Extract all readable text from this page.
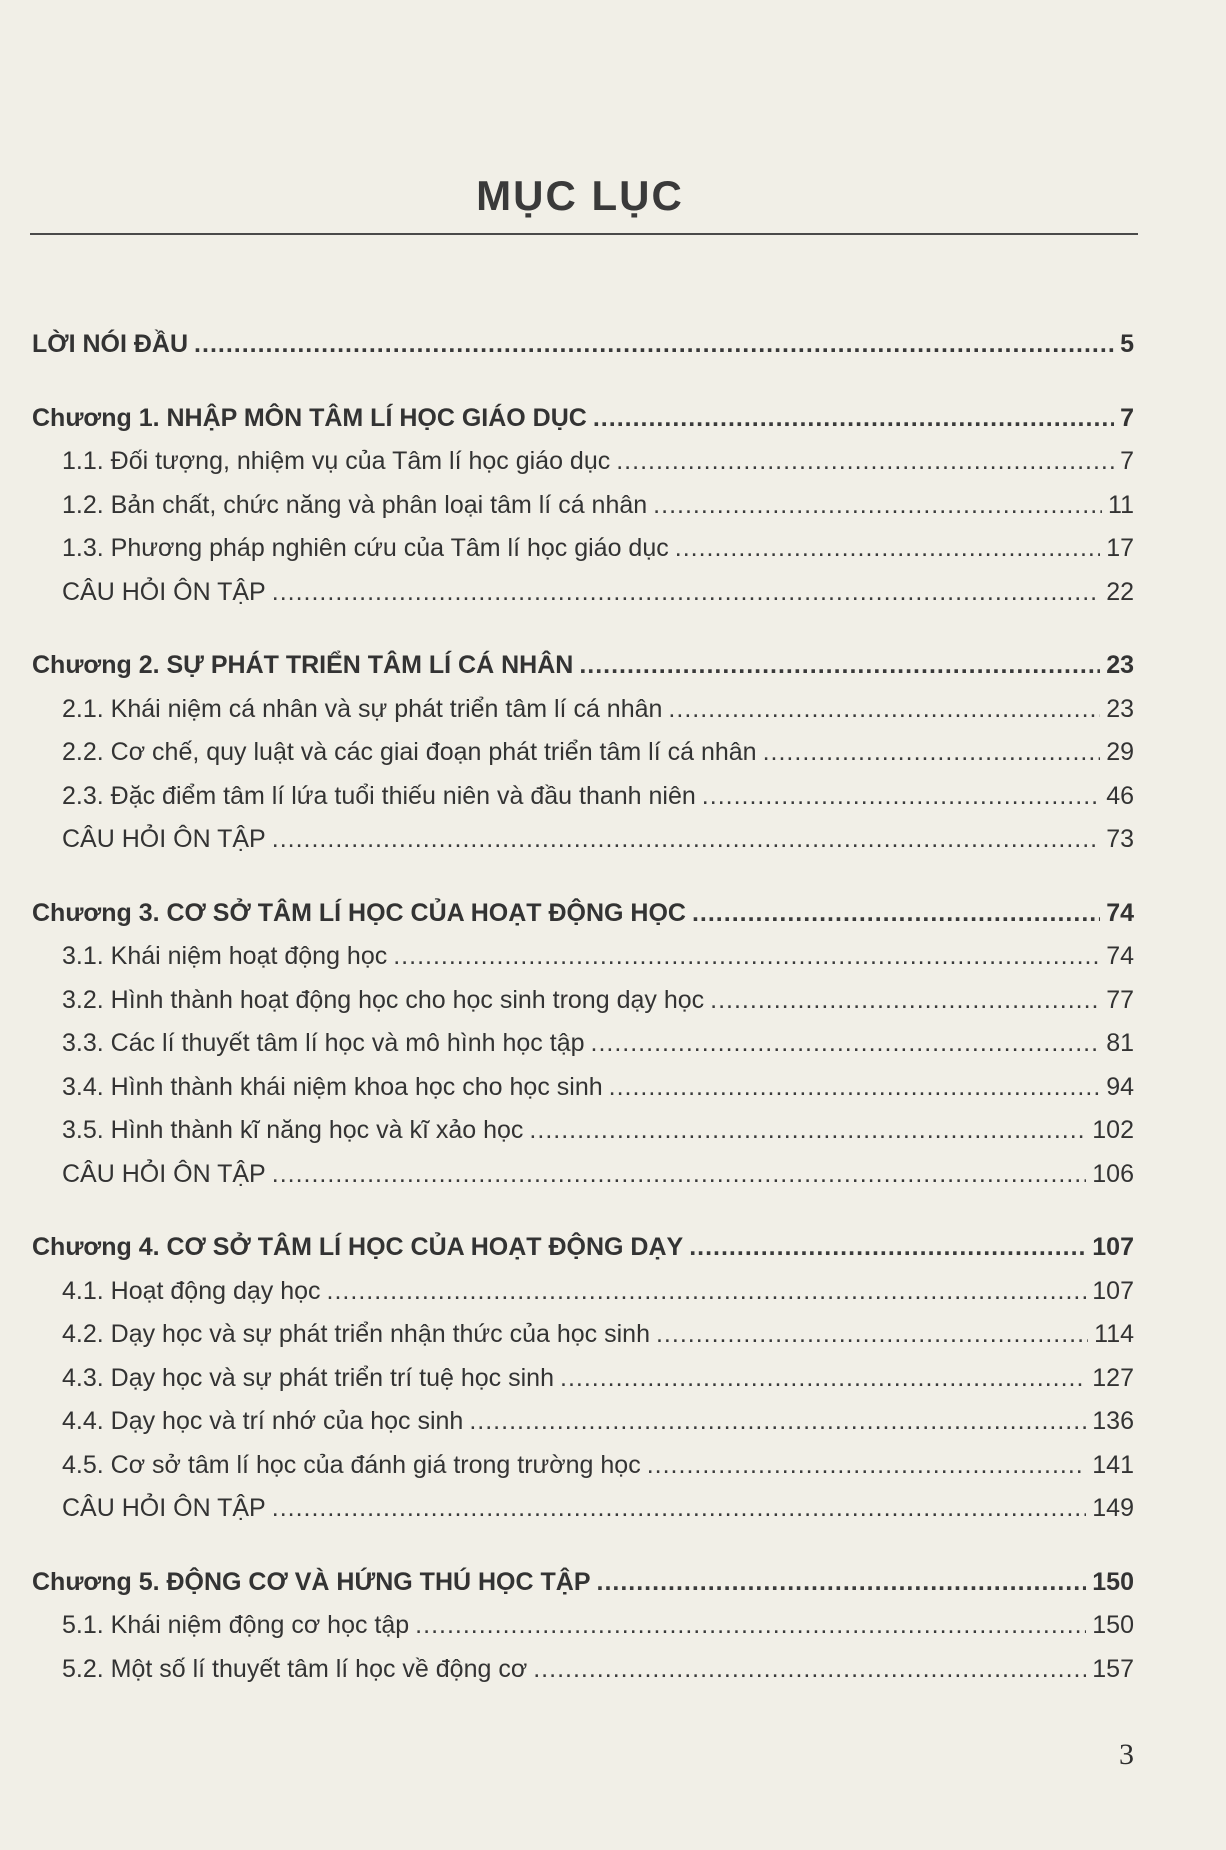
MỤC LỤC
LỜI NÓI ĐẦU .....	5
Chương 1. NHẬP MÔN TÂM LÍ HỌC GIÁO DỤC .....	7
1.1. Đối tượng, nhiệm vụ của Tâm lí học giáo dục .....	7
1.2. Bản chất, chức năng và phân loại tâm lí cá nhân .....	11
1.3. Phương pháp nghiên cứu của Tâm lí học giáo dục .....	17
CÂU HỎI ÔN TẬP .....	22
Chương 2. SỰ PHÁT TRIỂN TÂM LÍ CÁ NHÂN .....	23
2.1. Khái niệm cá nhân và sự phát triển tâm lí cá nhân .....	23
2.2. Cơ chế, quy luật và các giai đoạn phát triển tâm lí cá nhân .....	29
2.3. Đặc điểm tâm lí lứa tuổi thiếu niên và đầu thanh niên .....	46
CÂU HỎI ÔN TẬP .....	73
Chương 3. CƠ SỞ TÂM LÍ HỌC CỦA HOẠT ĐỘNG HỌC .....	74
3.1. Khái niệm hoạt động học .....	74
3.2. Hình thành hoạt động học cho học sinh trong dạy học .....	77
3.3. Các lí thuyết tâm lí học và mô hình học tập .....	81
3.4. Hình thành khái niệm khoa học cho học sinh .....	94
3.5. Hình thành kĩ năng học và kĩ xảo học .....	102
CÂU HỎI ÔN TẬP .....	106
Chương 4. CƠ SỞ TÂM LÍ HỌC CỦA HOẠT ĐỘNG DẠY .....	107
4.1. Hoạt động dạy học .....	107
4.2. Dạy học và sự phát triển nhận thức của học sinh .....	114
4.3. Dạy học và sự phát triển trí tuệ học sinh .....	127
4.4. Dạy học và trí nhớ của học sinh .....	136
4.5. Cơ sở tâm lí học của đánh giá trong trường học .....	141
CÂU HỎI ÔN TẬP .....	149
Chương 5. ĐỘNG CƠ VÀ HỨNG THÚ HỌC TẬP .....	150
5.1. Khái niệm động cơ học tập .....	150
5.2. Một số lí thuyết tâm lí học về động cơ .....	157
3
